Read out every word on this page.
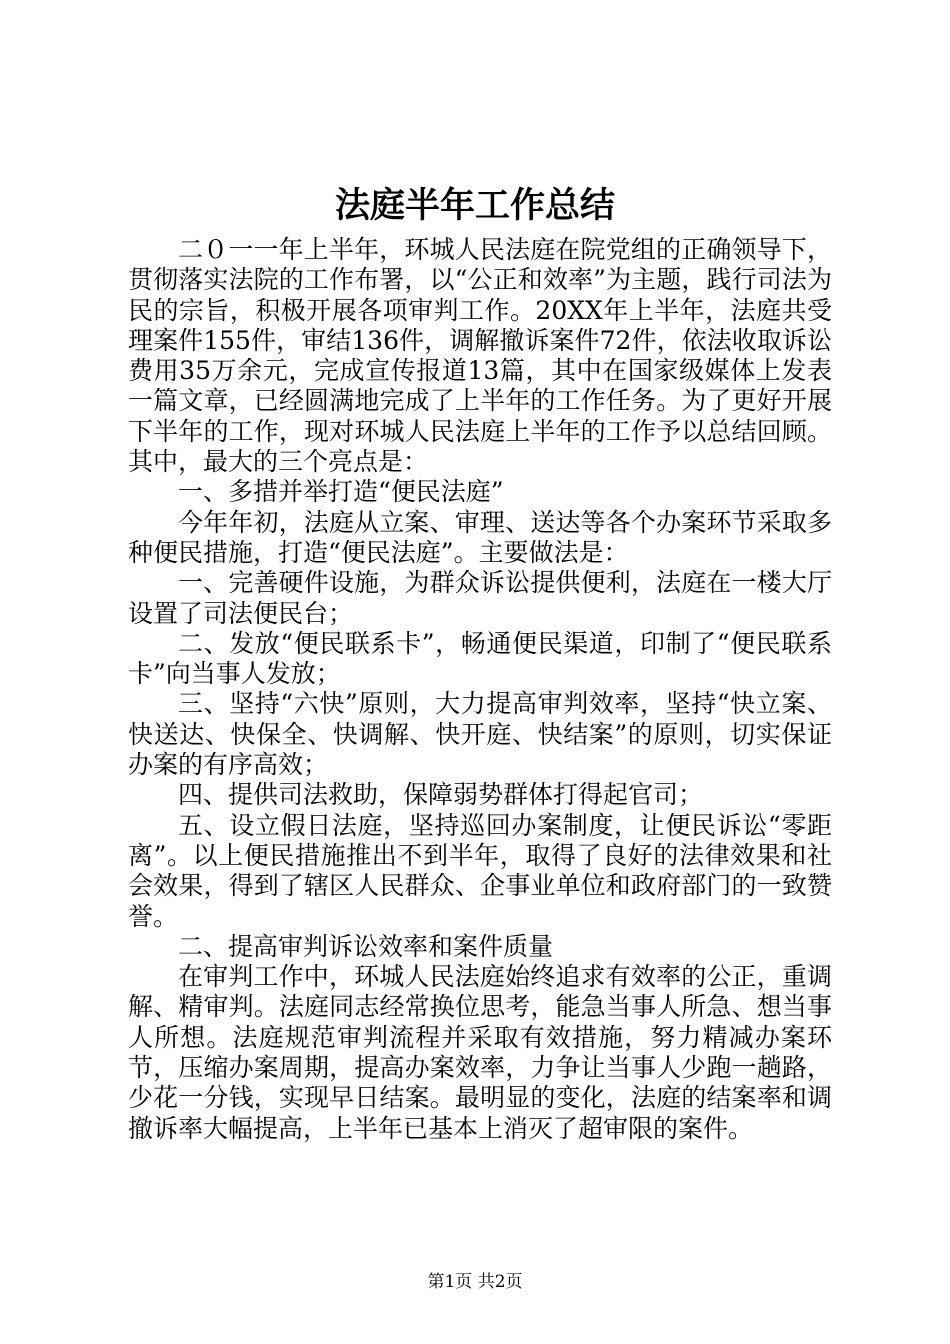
法庭半年工作总结

二０一一年上半年，环城人民法庭在院党组的正确领导下，贯彻落实法院的工作布署，以“公正和效率”为主题，践行司法为民的宗旨，积极开展各项审判工作。20XX年上半年，法庭共受理案件155件，审结136件，调解撤诉案件72件，依法收取诉讼费用35万余元，完成宣传报道13篇，其中在国家级媒体上发表一篇文章，已经圆满地完成了上半年的工作任务。为了更好开展下半年的工作，现对环城人民法庭上半年的工作予以总结回顾。其中，最大的三个亮点是：

一、多措并举打造“便民法庭”

今年年初，法庭从立案、审理、送达等各个办案环节采取多种便民措施，打造“便民法庭”。主要做法是：

一、完善硬件设施，为群众诉讼提供便利，法庭在一楼大厅设置了司法便民台；

二、发放“便民联系卡”，畅通便民渠道，印制了“便民联系卡”向当事人发放；

三、坚持“六快”原则，大力提高审判效率，坚持“快立案、快送达、快保全、快调解、快开庭、快结案”的原则，切实保证办案的有序高效；

四、提供司法救助，保障弱势群体打得起官司；

五、设立假日法庭，坚持巡回办案制度，让便民诉讼“零距离”。以上便民措施推出不到半年，取得了良好的法律效果和社会效果，得到了辖区人民群众、企事业单位和政府部门的一致赞誉。

二、提高审判诉讼效率和案件质量

在审判工作中，环城人民法庭始终追求有效率的公正，重调解、精审判。法庭同志经常换位思考，能急当事人所急、想当事人所想。法庭规范审判流程并采取有效措施，努力精减办案环节，压缩办案周期，提高办案效率，力争让当事人少跑一趟路，少花一分钱，实现早日结案。最明显的变化，法庭的结案率和调撤诉率大幅提高，上半年已基本上消灭了超审限的案件。

第1页 共2页
